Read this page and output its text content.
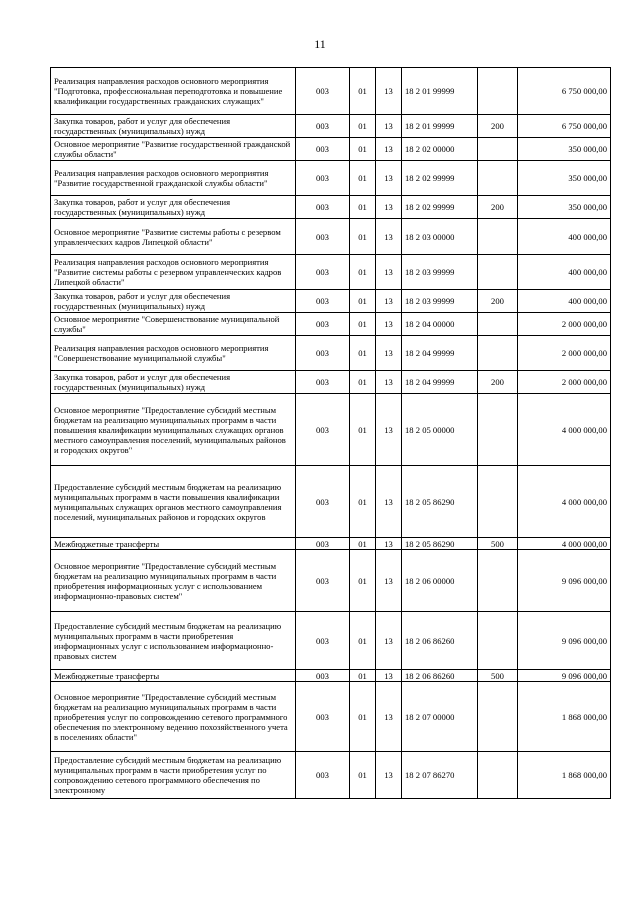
11
Реализация направления расходов основного мероприятия "Подготовка, профессиональная переподготовка и повышение квалификации государственных гражданских служащих"	003	01	13	18 2 01 99999		6 750 000,00
Закупка товаров, работ и услуг для обеспечения государственных (муниципальных) нужд	003	01	13	18 2 01 99999	200	6 750 000,00
Основное мероприятие "Развитие государственной гражданской службы области"	003	01	13	18 2 02 00000		350 000,00
Реализация направления расходов основного мероприятия "Развитие государственной гражданской службы области"	003	01	13	18 2 02 99999		350 000,00
Закупка товаров, работ и услуг для обеспечения государственных (муниципальных) нужд	003	01	13	18 2 02 99999	200	350 000,00
Основное мероприятие "Развитие системы работы с резервом управленческих кадров Липецкой области"	003	01	13	18 2 03 00000		400 000,00
Реализация направления расходов основного мероприятия "Развитие системы работы с резервом управленческих кадров Липецкой области"	003	01	13	18 2 03 99999		400 000,00
Закупка товаров, работ и услуг для обеспечения государственных (муниципальных) нужд	003	01	13	18 2 03 99999	200	400 000,00
Основное мероприятие "Совершенствование муниципальной службы"	003	01	13	18 2 04 00000		2 000 000,00
Реализация направления расходов основного мероприятия "Совершенствование муниципальной службы"	003	01	13	18 2 04 99999		2 000 000,00
Закупка товаров, работ и услуг для обеспечения государственных (муниципальных) нужд	003	01	13	18 2 04 99999	200	2 000 000,00
Основное мероприятие "Предоставление субсидий местным бюджетам на реализацию муниципальных программ в части повышения квалификации муниципальных служащих органов местного самоуправления поселений, муниципальных районов и городских округов"	003	01	13	18 2 05 00000		4 000 000,00
Предоставление субсидий местным бюджетам на реализацию муниципальных программ в части повышения квалификации муниципальных служащих органов местного самоуправления поселений, муниципальных районов и городских округов	003	01	13	18 2 05 86290		4 000 000,00
Межбюджетные трансферты	003	01	13	18 2 05 86290	500	4 000 000,00
Основное мероприятие "Предоставление субсидий местным бюджетам на реализацию муниципальных программ в части приобретения информационных услуг с использованием информационно-правовых систем"	003	01	13	18 2 06 00000		9 096 000,00
Предоставление субсидий местным бюджетам на реализацию муниципальных программ в части приобретения информационных услуг с использованием информационно-правовых систем	003	01	13	18 2 06 86260		9 096 000,00
Межбюджетные трансферты	003	01	13	18 2 06 86260	500	9 096 000,00
Основное мероприятие "Предоставление субсидий местным бюджетам на реализацию муниципальных программ в части приобретения услуг по сопровождению сетевого программного обеспечения по электронному ведению похозяйственного учета в поселениях области"	003	01	13	18 2 07 00000		1 868 000,00
Предоставление субсидий местным бюджетам на реализацию муниципальных программ в части приобретения услуг по сопровождению сетевого программного обеспечения по электронному	003	01	13	18 2 07 86270		1 868 000,00
